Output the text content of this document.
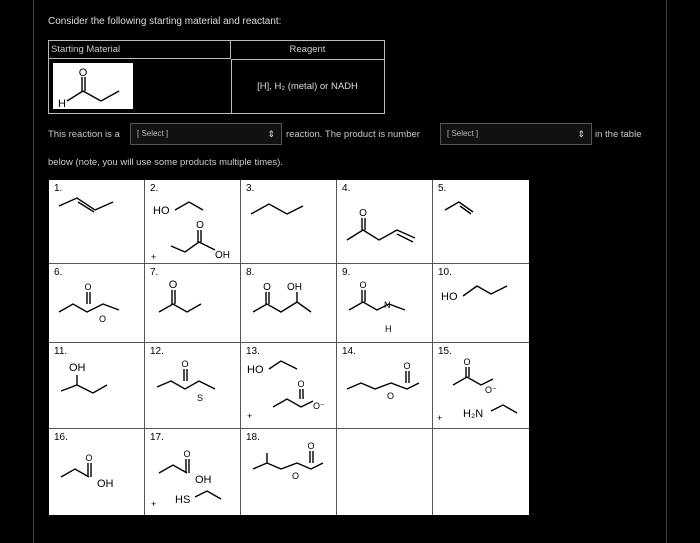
Consider the following starting material and reactant:
Starting Material	Reagent
O
H
[H], H₂ (metal) or NADH
This reaction is a	[ Select ]	⇕ reaction. The product is number	[ Select ]	⇕ in the table
below (note, you will use some products multiple times).
1.	2.
HO
+
O
OH
3.	4.
O
5.
6.
O
O
7.
O
8.
O OH
9.
O
N
H
10.
HO
11.
OH
12.
O
S
13.
HO
+
O
O⁻
14.
O
O
15.
O
O⁻
+ H₂N
16.
O
OH
17.
O
OH
+ HS
18.
O
O
